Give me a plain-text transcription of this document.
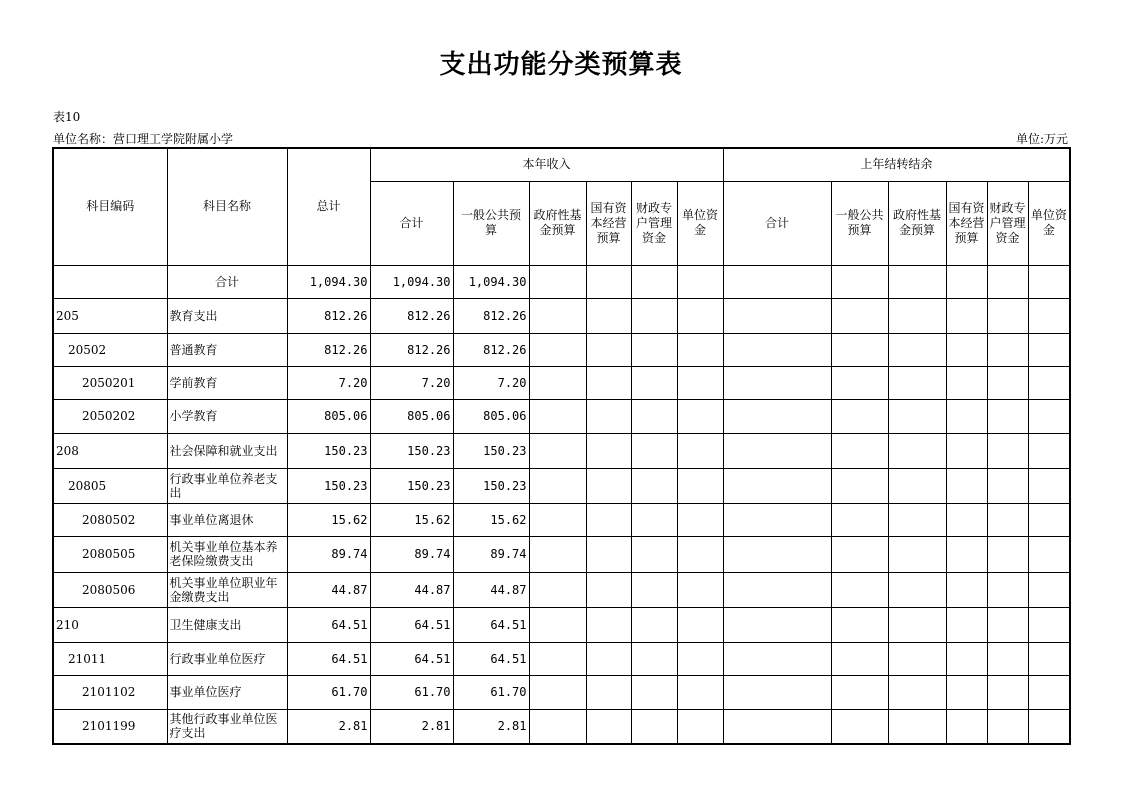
支出功能分类预算表
表10
单位名称：营口理工学院附属小学	单位:万元
科目编码	科目名称	总计	本年收入						上年结转结余					
			合计	一般公共预算	政府性基金预算	国有资本经营预算	财政专户管理资金	单位资金	合计	一般公共预算	政府性基金预算	国有资本经营预算	财政专户管理资金	单位资金
	合计	1,094.30	1,094.30	1,094.30										
205	教育支出	812.26	812.26	812.26										
20502	普通教育	812.26	812.26	812.26										
2050201	学前教育	7.20	7.20	7.20										
2050202	小学教育	805.06	805.06	805.06										
208	社会保障和就业支出	150.23	150.23	150.23										
20805	行政事业单位养老支出	150.23	150.23	150.23										
2080502	事业单位离退休	15.62	15.62	15.62										
2080505	机关事业单位基本养老保险缴费支出	89.74	89.74	89.74										
2080506	机关事业单位职业年金缴费支出	44.87	44.87	44.87										
210	卫生健康支出	64.51	64.51	64.51										
21011	行政事业单位医疗	64.51	64.51	64.51										
2101102	事业单位医疗	61.70	61.70	61.70										
2101199	其他行政事业单位医疗支出	2.81	2.81	2.81										
